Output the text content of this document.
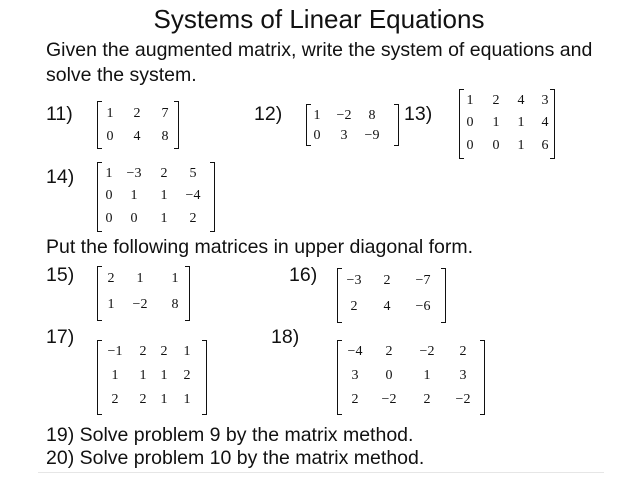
Systems of Linear Equations
Given the augmented matrix, write the system of equations and solve the system.
11)	12)	13)
14)
Put the following matrices in upper diagonal form.
15)	16)
17)	18)
19) Solve problem 9 by the matrix method.
20) Solve problem 10 by the matrix method.
1 2 7
0 4 8
1 −2 8
0 3 −9
1 2 4 3
0 1 1 4
0 0 1 6
1 −3 2 5
0 1 1 −4
0 0 1 2
2 1 1
1 −2 8
−3 2 −7
2 4 −6
−1 2 2 1
1 1 1 2
2 2 1 1
−4 2 −2 2
3 0 1 3
2 −2 2 −2
